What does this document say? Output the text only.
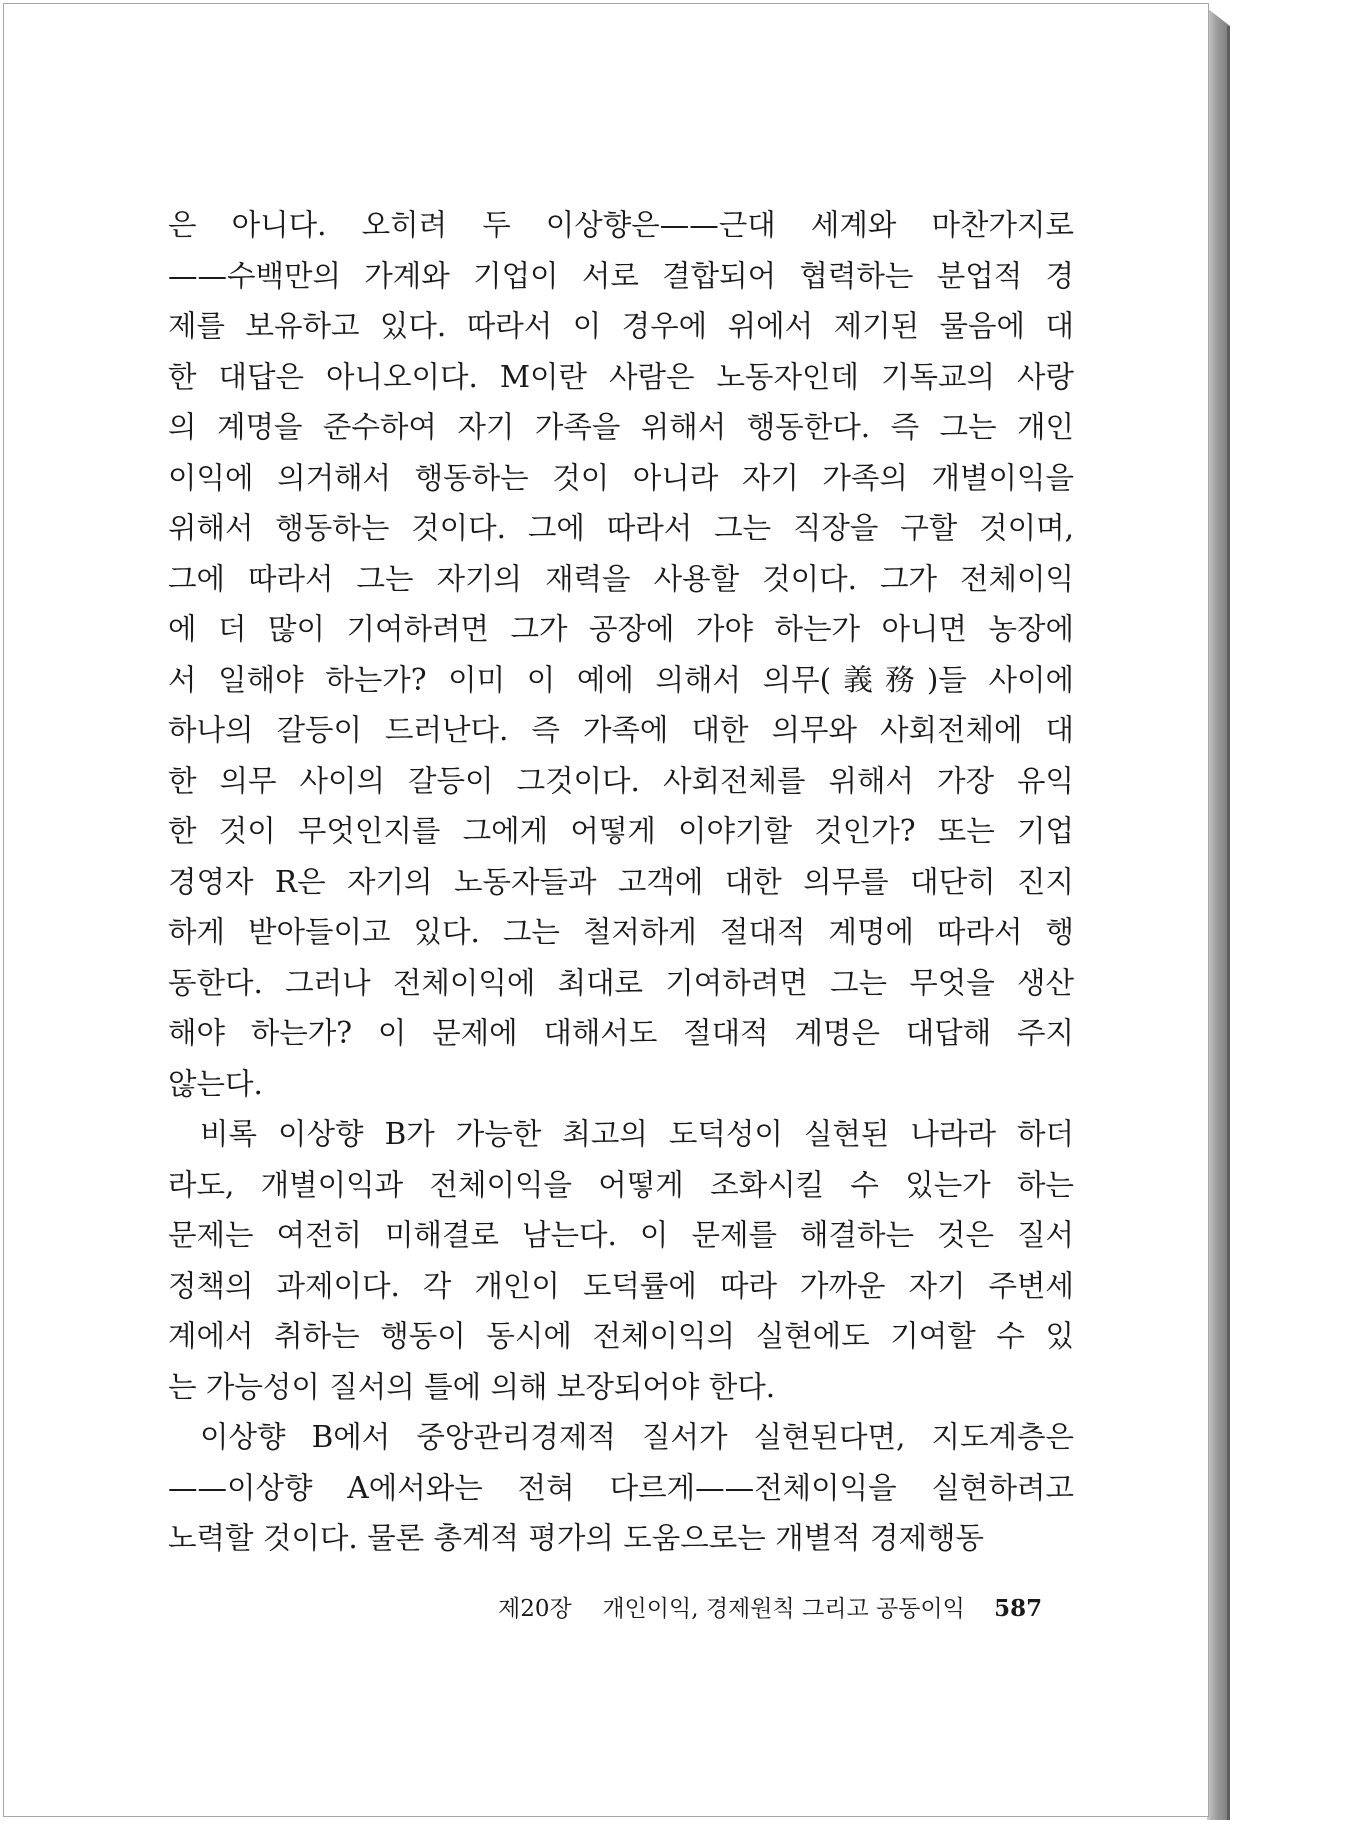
은 아니다. 오히려 두 이상향은——근대 세계와 마찬가지로
——수백만의 가계와 기업이 서로 결합되어 협력하는 분업적 경
제를 보유하고 있다. 따라서 이 경우에 위에서 제기된 물음에 대
한 대답은 아니오이다. M이란 사람은 노동자인데 기독교의 사랑
의 계명을 준수하여 자기 가족을 위해서 행동한다. 즉 그는 개인
이익에 의거해서 행동하는 것이 아니라 자기 가족의 개별이익을
위해서 행동하는 것이다. 그에 따라서 그는 직장을 구할 것이며,
그에 따라서 그는 자기의 재력을 사용할 것이다. 그가 전체이익
에 더 많이 기여하려면 그가 공장에 가야 하는가 아니면 농장에
서 일해야 하는가? 이미 이 예에 의해서 의무(義務)들 사이에
하나의 갈등이 드러난다. 즉 가족에 대한 의무와 사회전체에 대
한 의무 사이의 갈등이 그것이다. 사회전체를 위해서 가장 유익
한 것이 무엇인지를 그에게 어떻게 이야기할 것인가? 또는 기업
경영자 R은 자기의 노동자들과 고객에 대한 의무를 대단히 진지
하게 받아들이고 있다. 그는 철저하게 절대적 계명에 따라서 행
동한다. 그러나 전체이익에 최대로 기여하려면 그는 무엇을 생산
해야 하는가? 이 문제에 대해서도 절대적 계명은 대답해 주지
않는다.
비록 이상향 B가 가능한 최고의 도덕성이 실현된 나라라 하더
라도, 개별이익과 전체이익을 어떻게 조화시킬 수 있는가 하는
문제는 여전히 미해결로 남는다. 이 문제를 해결하는 것은 질서
정책의 과제이다. 각 개인이 도덕률에 따라 가까운 자기 주변세
계에서 취하는 행동이 동시에 전체이익의 실현에도 기여할 수 있
는 가능성이 질서의 틀에 의해 보장되어야 한다.
이상향 B에서 중앙관리경제적 질서가 실현된다면, 지도계층은
——이상향 A에서와는 전혀 다르게——전체이익을 실현하려고
노력할 것이다. 물론 총계적 평가의 도움으로는 개별적 경제행동
제20장 개인이익, 경제원칙 그리고 공동이익 587
